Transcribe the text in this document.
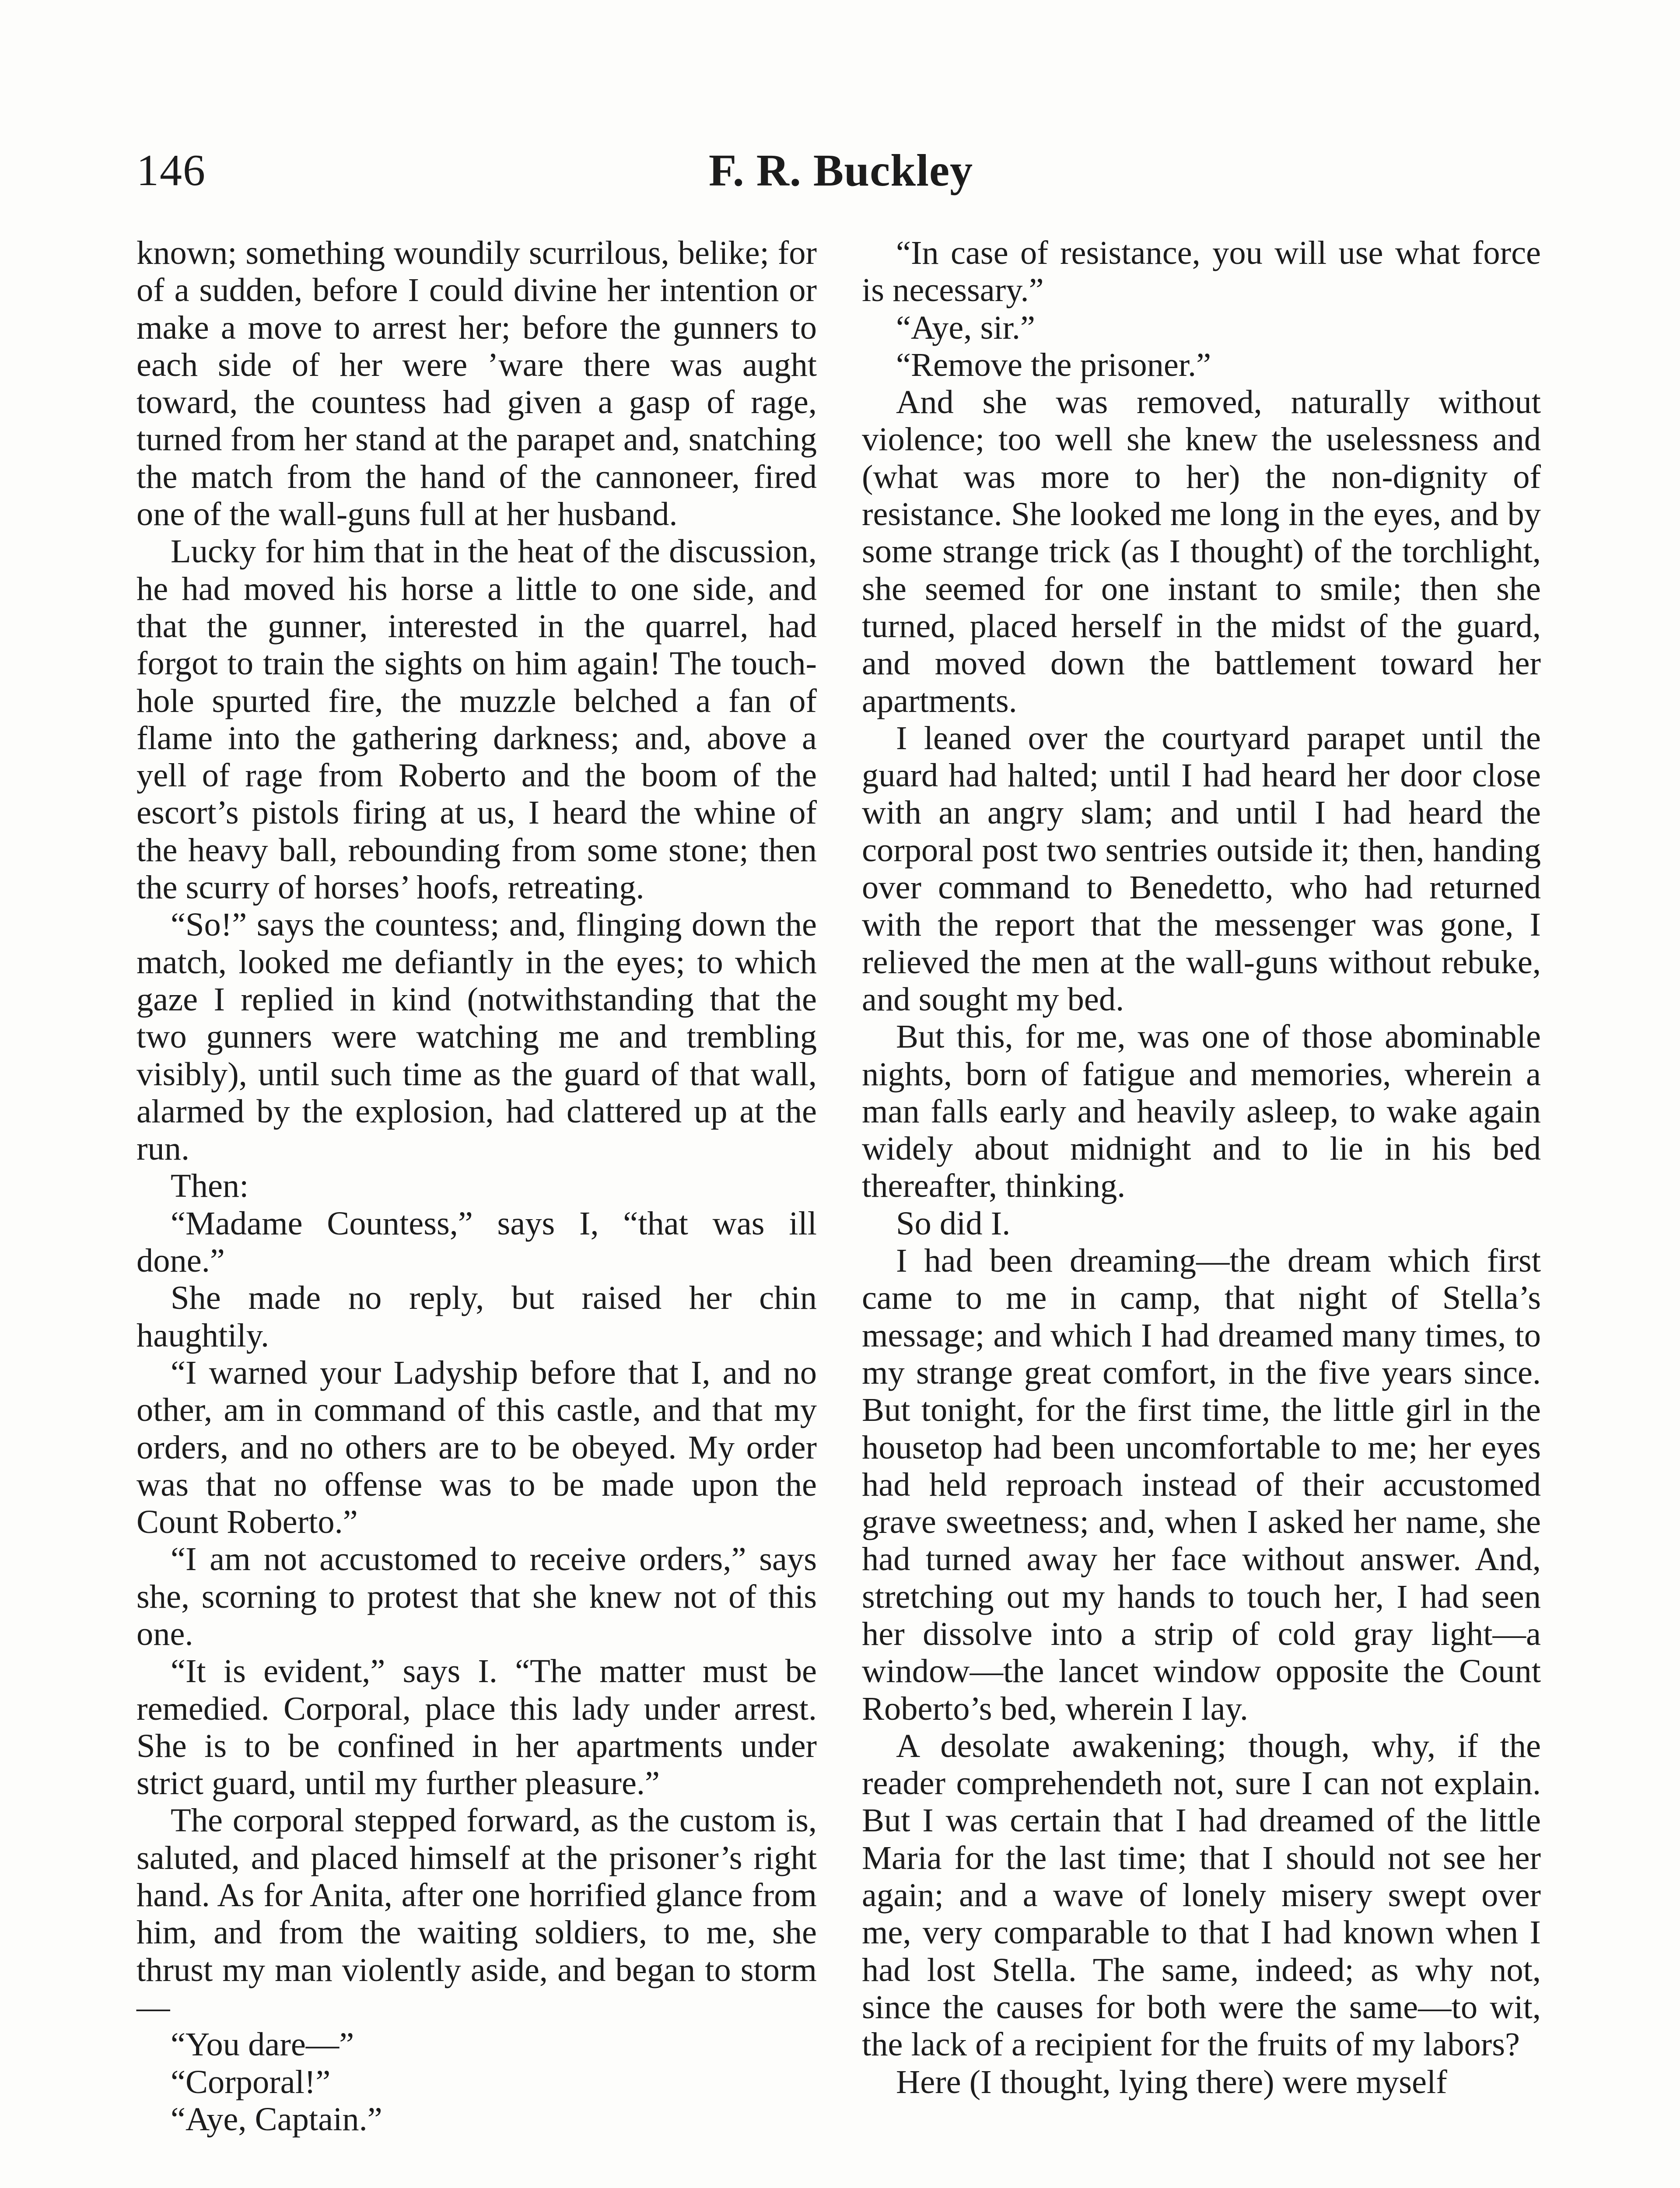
146	F. R. Buckley

known; something woundily scurrilous, belike; for of a sudden, before I could divine her intention or make a move to arrest her; before the gunners to each side of her were ’ware there was aught toward, the countess had given a gasp of rage, turned from her stand at the parapet and, snatching the match from the hand of the cannoneer, fired one of the wall-guns full at her husband.

Lucky for him that in the heat of the discussion, he had moved his horse a little to one side, and that the gunner, interested in the quarrel, had forgot to train the sights on him again! The touch-hole spurted fire, the muzzle belched a fan of flame into the gathering darkness; and, above a yell of rage from Roberto and the boom of the escort’s pistols firing at us, I heard the whine of the heavy ball, rebounding from some stone; then the scurry of horses’ hoofs, retreating.

“So!” says the countess; and, flinging down the match, looked me defiantly in the eyes; to which gaze I replied in kind (notwithstanding that the two gunners were watching me and trembling visibly), until such time as the guard of that wall, alarmed by the explosion, had clattered up at the run.

Then:

“Madame Countess,” says I, “that was ill done.”

She made no reply, but raised her chin haughtily.

“I warned your Ladyship before that I, and no other, am in command of this castle, and that my orders, and no others are to be obeyed. My order was that no offense was to be made upon the Count Roberto.”

“I am not accustomed to receive orders,” says she, scorning to protest that she knew not of this one.

“It is evident,” says I. “The matter must be remedied. Corporal, place this lady under arrest. She is to be confined in her apartments under strict guard, until my further pleasure.”

The corporal stepped forward, as the custom is, saluted, and placed himself at the prisoner’s right hand. As for Anita, after one horrified glance from him, and from the waiting soldiers, to me, she thrust my man violently aside, and began to storm—

“You dare—”

“Corporal!”

“Aye, Captain.”

“In case of resistance, you will use what force is necessary.”

“Aye, sir.”

“Remove the prisoner.”

And she was removed, naturally without violence; too well she knew the uselessness and (what was more to her) the non-dignity of resistance. She looked me long in the eyes, and by some strange trick (as I thought) of the torchlight, she seemed for one instant to smile; then she turned, placed herself in the midst of the guard, and moved down the battlement toward her apartments.

I leaned over the courtyard parapet until the guard had halted; until I had heard her door close with an angry slam; and until I had heard the corporal post two sentries outside it; then, handing over command to Benedetto, who had returned with the report that the messenger was gone, I relieved the men at the wall-guns without rebuke, and sought my bed.

But this, for me, was one of those abominable nights, born of fatigue and memories, wherein a man falls early and heavily asleep, to wake again widely about midnight and to lie in his bed thereafter, thinking.

So did I.

I had been dreaming—the dream which first came to me in camp, that night of Stella’s message; and which I had dreamed many times, to my strange great comfort, in the five years since. But tonight, for the first time, the little girl in the housetop had been uncomfortable to me; her eyes had held reproach instead of their accustomed grave sweetness; and, when I asked her name, she had turned away her face without answer. And, stretching out my hands to touch her, I had seen her dissolve into a strip of cold gray light—a window—the lancet window opposite the Count Roberto’s bed, wherein I lay.

A desolate awakening; though, why, if the reader comprehendeth not, sure I can not explain. But I was certain that I had dreamed of the little Maria for the last time; that I should not see her again; and a wave of lonely misery swept over me, very comparable to that I had known when I had lost Stella. The same, indeed; as why not, since the causes for both were the same—to wit, the lack of a recipient for the fruits of my labors?

Here (I thought, lying there) were myself
